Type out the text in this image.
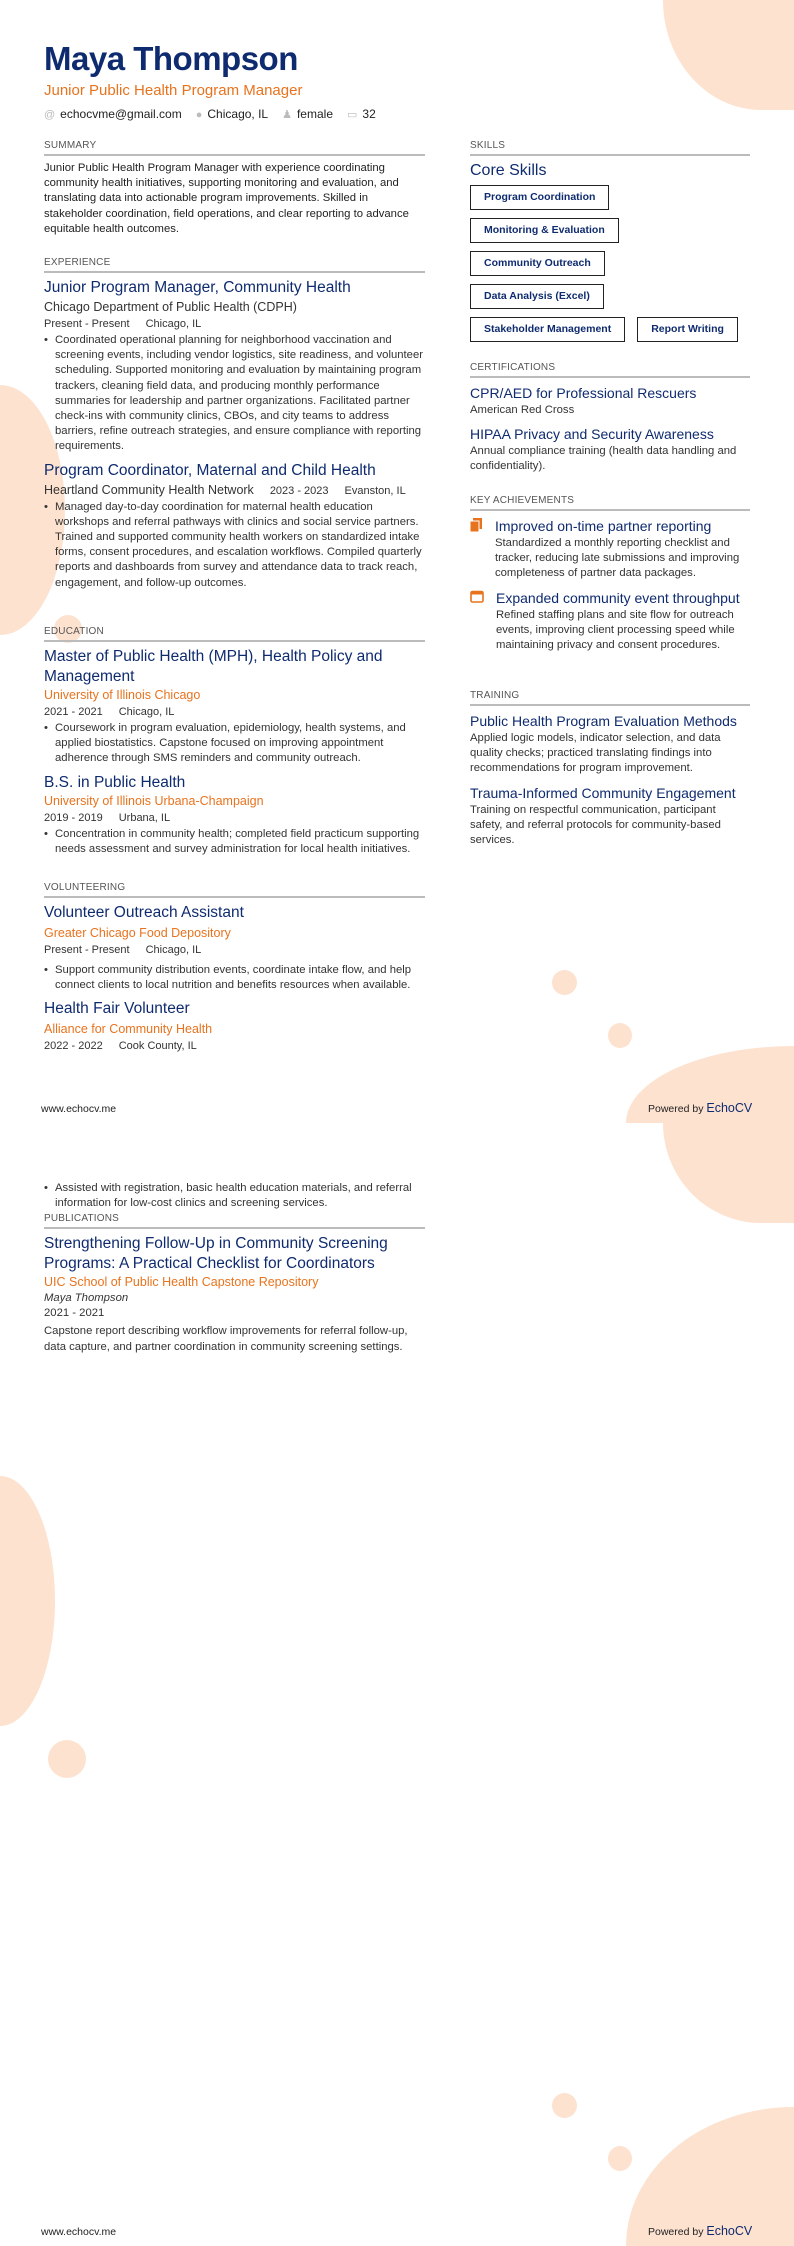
Maya Thompson
Junior Public Health Program Manager
@ echocvme@gmail.com ● Chicago, IL ♟ female ▭ 32
SUMMARY
Junior Public Health Program Manager with experience coordinating community health initiatives, supporting monitoring and evaluation, and translating data into actionable program improvements. Skilled in stakeholder coordination, field operations, and clear reporting to advance equitable health outcomes.
EXPERIENCE
Junior Program Manager, Community Health
Chicago Department of Public Health (CDPH)
Present - Present Chicago, IL
• Coordinated operational planning for neighborhood vaccination and screening events, including vendor logistics, site readiness, and volunteer scheduling. Supported monitoring and evaluation by maintaining program trackers, cleaning field data, and producing monthly performance summaries for leadership and partner organizations. Facilitated partner check-ins with community clinics, CBOs, and city teams to address barriers, refine outreach strategies, and ensure compliance with reporting requirements.
Program Coordinator, Maternal and Child Health
Heartland Community Health Network 2023 - 2023 Evanston, IL
• Managed day-to-day coordination for maternal health education workshops and referral pathways with clinics and social service partners. Trained and supported community health workers on standardized intake forms, consent procedures, and escalation workflows. Compiled quarterly reports and dashboards from survey and attendance data to track reach, engagement, and follow-up outcomes.
EDUCATION
Master of Public Health (MPH), Health Policy and Management
University of Illinois Chicago
2021 - 2021 Chicago, IL
• Coursework in program evaluation, epidemiology, health systems, and applied biostatistics. Capstone focused on improving appointment adherence through SMS reminders and community outreach.
B.S. in Public Health
University of Illinois Urbana-Champaign
2019 - 2019 Urbana, IL
• Concentration in community health; completed field practicum supporting needs assessment and survey administration for local health initiatives.
VOLUNTEERING
Volunteer Outreach Assistant
Greater Chicago Food Depository
Present - Present Chicago, IL
• Support community distribution events, coordinate intake flow, and help connect clients to local nutrition and benefits resources when available.
Health Fair Volunteer
Alliance for Community Health
2022 - 2022 Cook County, IL
SKILLS
Core Skills
Program Coordination
Monitoring & Evaluation
Community Outreach
Data Analysis (Excel)
Stakeholder Management	Report Writing
CERTIFICATIONS
CPR/AED for Professional Rescuers
American Red Cross
HIPAA Privacy and Security Awareness
Annual compliance training (health data handling and confidentiality).
KEY ACHIEVEMENTS
Improved on-time partner reporting
Standardized a monthly reporting checklist and tracker, reducing late submissions and improving completeness of partner data packages.
Expanded community event throughput
Refined staffing plans and site flow for outreach events, improving client processing speed while maintaining privacy and consent procedures.
TRAINING
Public Health Program Evaluation Methods
Applied logic models, indicator selection, and data quality checks; practiced translating findings into recommendations for program improvement.
Trauma-Informed Community Engagement
Training on respectful communication, participant safety, and referral protocols for community-based services.
www.echocv.me	Powered by EchoCV
• Assisted with registration, basic health education materials, and referral information for low-cost clinics and screening services.
PUBLICATIONS
Strengthening Follow-Up in Community Screening Programs: A Practical Checklist for Coordinators
UIC School of Public Health Capstone Repository
Maya Thompson
2021 - 2021
Capstone report describing workflow improvements for referral follow-up, data capture, and partner coordination in community screening settings.
www.echocv.me	Powered by EchoCV
